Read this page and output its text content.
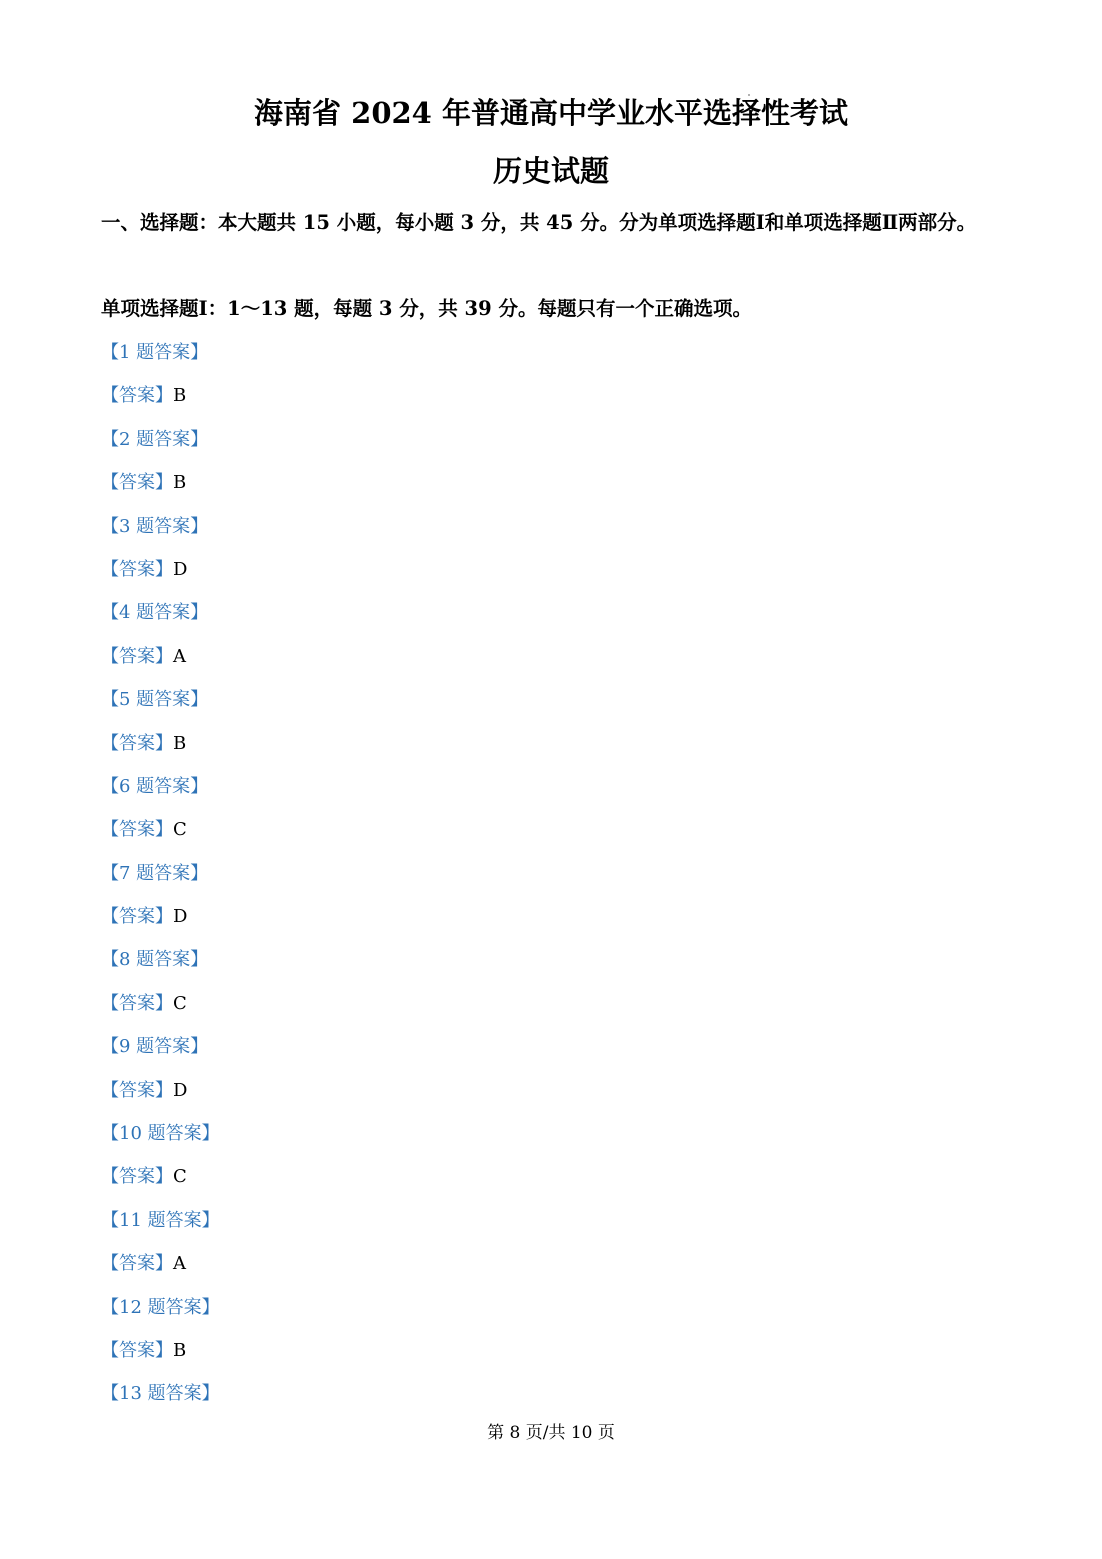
海南省 2024 年普通高中学业水平选择性考试
历史试题
一、选择题：本大题共 15 小题，每小题 3 分，共 45 分。分为单项选择题Ⅰ和单项选择题Ⅱ两部分。
单项选择题Ⅰ：1～13 题，每题 3 分，共 39 分。每题只有一个正确选项。
【1 题答案】
【答案】B
【2 题答案】
【答案】B
【3 题答案】
【答案】D
【4 题答案】
【答案】A
【5 题答案】
【答案】B
【6 题答案】
【答案】C
【7 题答案】
【答案】D
【8 题答案】
【答案】C
【9 题答案】
【答案】D
【10 题答案】
【答案】C
【11 题答案】
【答案】A
【12 题答案】
【答案】B
【13 题答案】
第 8 页/共 10 页
